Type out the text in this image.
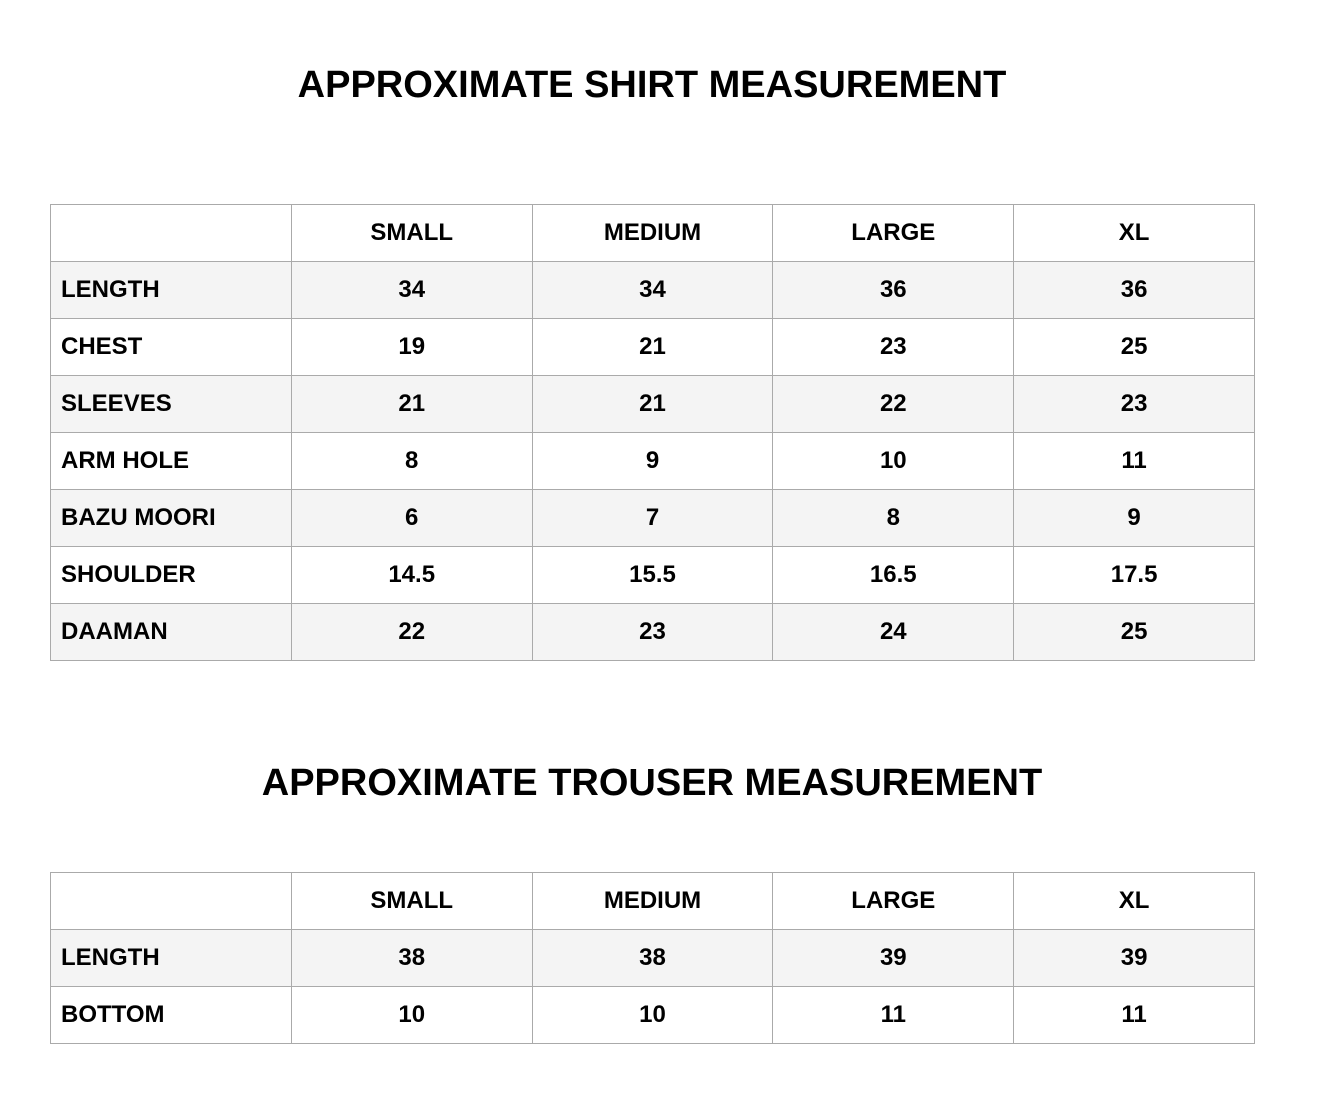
APPROXIMATE SHIRT MEASUREMENT
	SMALL	MEDIUM	LARGE	XL
LENGTH	34	34	36	36
CHEST	19	21	23	25
SLEEVES	21	21	22	23
ARM HOLE	8	9	10	11
BAZU MOORI	6	7	8	9
SHOULDER	14.5	15.5	16.5	17.5
DAAMAN	22	23	24	25
APPROXIMATE TROUSER MEASUREMENT
	SMALL	MEDIUM	LARGE	XL
LENGTH	38	38	39	39
BOTTOM	10	10	11	11
